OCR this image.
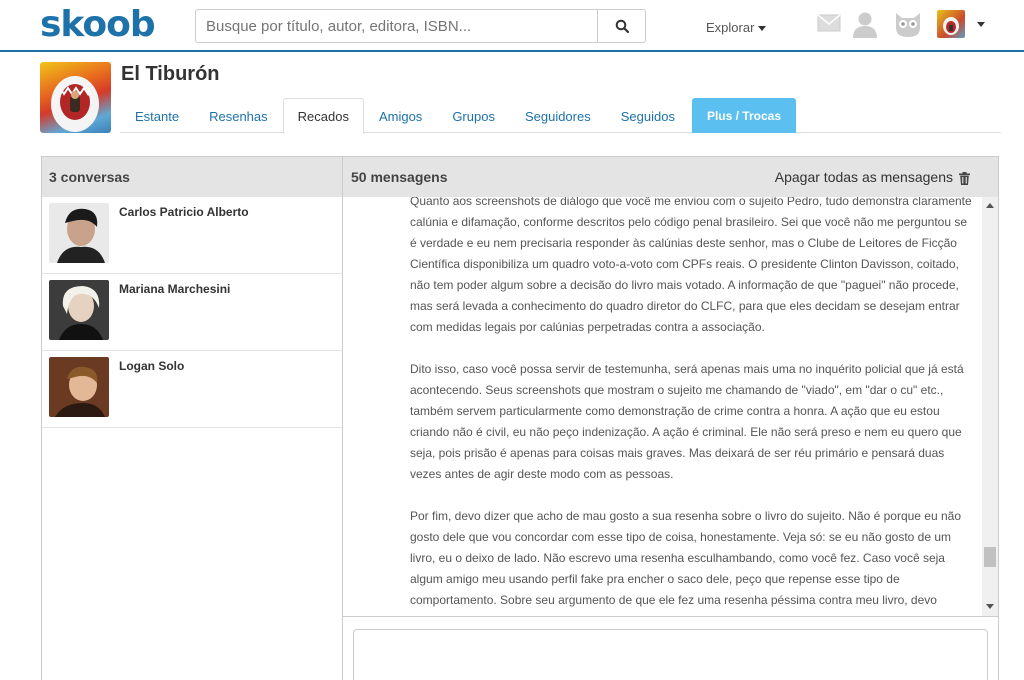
skoob
Busque por título, autor, editora, ISBN...	Explorar
El Tiburón
Estante	Resenhas	Recados	Amigos	Grupos	Seguidores	Seguidos	Plus / Trocas
3 conversas
Carlos Patricio Alberto
Mariana Marchesini
Logan Solo
50 mensagens	Apagar todas as mensagens

Quanto aos screenshots de diálogo que você me enviou com o sujeito Pedro, tudo demonstra claramente calúnia e difamação, conforme descritos pelo código penal brasileiro. Sei que você não me perguntou se é verdade e eu nem precisaria responder às calúnias deste senhor, mas o Clube de Leitores de Ficção Científica disponibiliza um quadro voto-a-voto com CPFs reais. O presidente Clinton Davisson, coitado, não tem poder algum sobre a decisão do livro mais votado. A informação de que "paguei" não procede, mas será levada a conhecimento do quadro diretor do CLFC, para que eles decidam se desejam entrar com medidas legais por calúnias perpetradas contra a associação.

Dito isso, caso você possa servir de testemunha, será apenas mais uma no inquérito policial que já está acontecendo. Seus screenshots que mostram o sujeito me chamando de "viado", em "dar o cu" etc., também servem particularmente como demonstração de crime contra a honra. A ação que eu estou criando não é civil, eu não peço indenização. A ação é criminal. Ele não será preso e nem eu quero que seja, pois prisão é apenas para coisas mais graves. Mas deixará de ser réu primário e pensará duas vezes antes de agir deste modo com as pessoas.

Por fim, devo dizer que acho de mau gosto a sua resenha sobre o livro do sujeito. Não é porque eu não gosto dele que vou concordar com esse tipo de coisa, honestamente. Veja só: se eu não gosto de um livro, eu o deixo de lado. Não escrevo uma resenha esculhambando, como você fez. Caso você seja algum amigo meu usando perfil fake pra encher o saco dele, peço que repense esse tipo de comportamento. Sobre seu argumento de que ele fez uma resenha péssima contra meu livro, devo
